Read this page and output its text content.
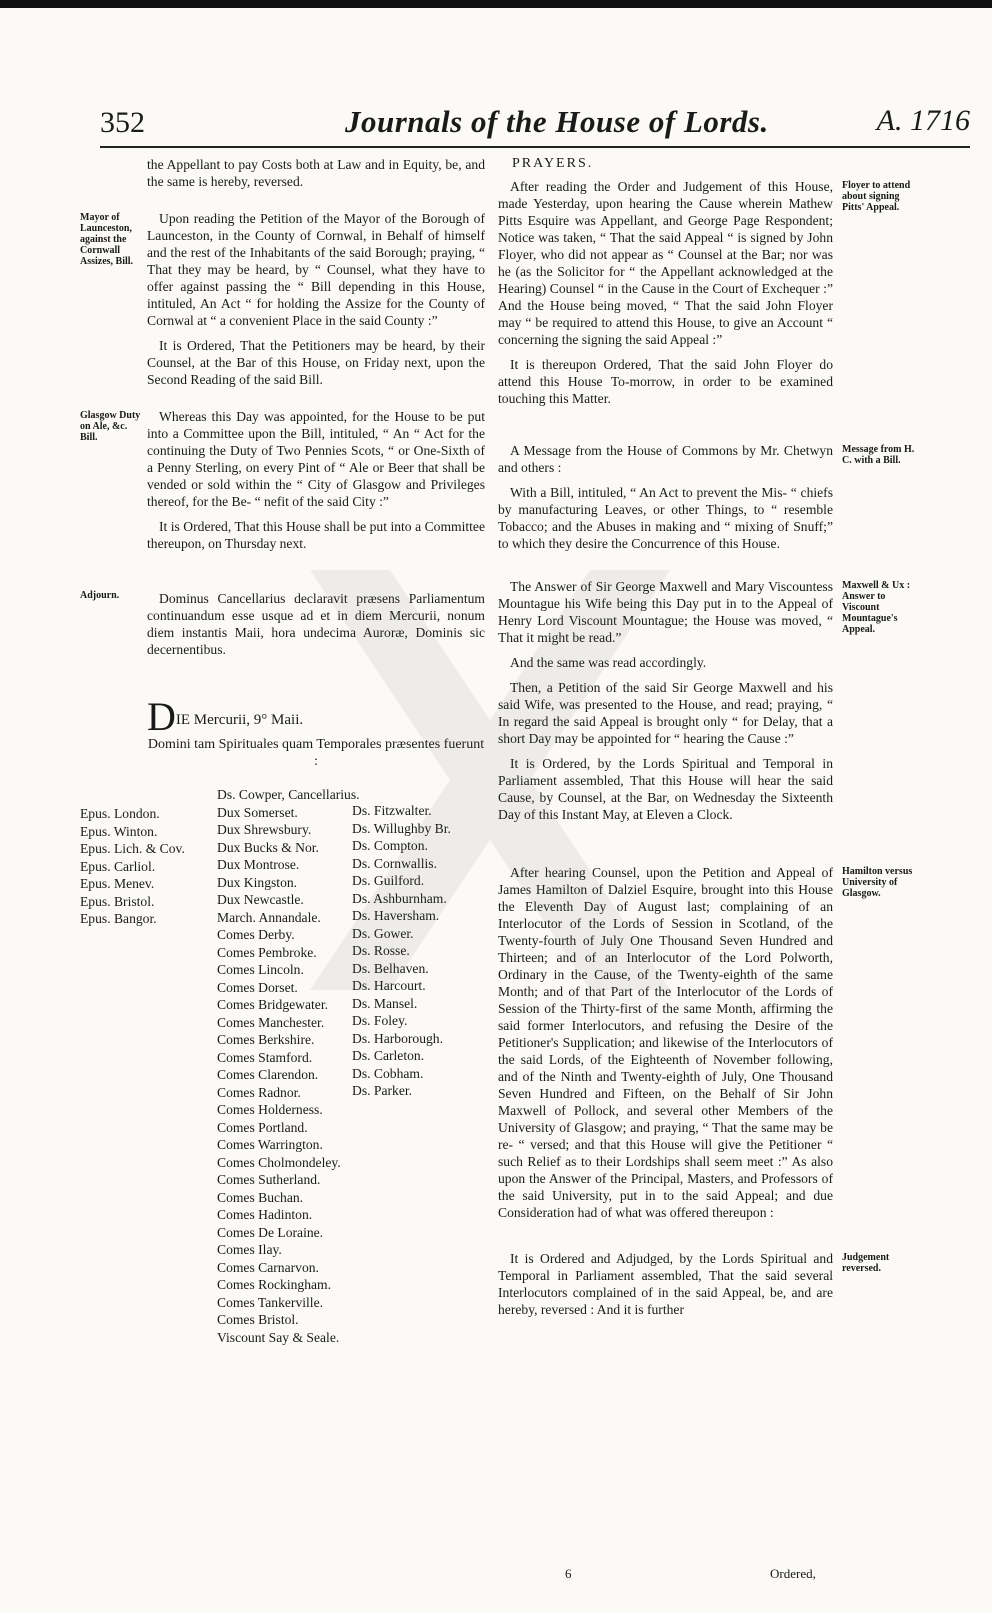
352	Journals of the House of Lords.	A. 1716

the Appellant to pay Costs both at Law and in Equity, be, and the same is hereby, reversed.

Mayor of Launceston, against the Cornwall Assizes, Bill.

Upon reading the Petition of the Mayor of the Borough of Launceston, in the County of Cornwal, in Behalf of himself and the rest of the Inhabitants of the said Borough; praying, “ That they may be heard, by “ Counsel, what they have to offer against passing the “ Bill depending in this House, intituled, An Act “ for holding the Assize for the County of Cornwal at “ a convenient Place in the said County :”

It is Ordered, That the Petitioners may be heard, by their Counsel, at the Bar of this House, on Friday next, upon the Second Reading of the said Bill.

Glasgow Duty on Ale, &c. Bill.

Whereas this Day was appointed, for the House to be put into a Committee upon the Bill, intituled, “ An “ Act for the continuing the Duty of Two Pennies Scots, “ or One-Sixth of a Penny Sterling, on every Pint of “ Ale or Beer that shall be vended or sold within the “ City of Glasgow and Privileges thereof, for the Be- “ nefit of the said City :”

It is Ordered, That this House shall be put into a Committee thereupon, on Thursday next.

Adjourn.	Dominus Cancellarius declaravit præsens Parliamentum continuandum esse usque ad et in diem Mercurii, nonum diem instantis Maii, hora undecima Auroræ, Dominis sic decernentibus.

DIE Mercurii, 9° Maii.
Domini tam Spirituales quam Temporales præsentes fuerunt :
Epus. London.
Epus. Winton.
Epus. Lich. & Cov.
Epus. Carliol.
Epus. Menev.
Epus. Bristol.
Epus. Bangor.
Ds. Cowper, Cancellarius.
Dux Somerset.
Dux Shrewsbury.
Dux Bucks & Nor.
Dux Montrose.
Dux Kingston.
Dux Newcastle.
March. Annandale.
Comes Derby.
Comes Pembroke.
Comes Lincoln.
Comes Dorset.
Comes Bridgewater.
Comes Manchester.
Comes Berkshire.
Comes Stamford.
Comes Clarendon.
Comes Radnor.
Comes Holderness.
Comes Portland.
Comes Warrington.
Comes Cholmondeley.
Comes Sutherland.
Comes Buchan.
Comes Hadinton.
Comes De Loraine.
Comes Ilay.
Comes Carnarvon.
Comes Rockingham.
Comes Tankerville.
Comes Bristol.
Viscount Say & Seale.
Ds. Fitzwalter.
Ds. Willughby Br.
Ds. Compton.
Ds. Cornwallis.
Ds. Guilford.
Ds. Ashburnham.
Ds. Haversham.
Ds. Gower.
Ds. Rosse.
Ds. Belhaven.
Ds. Harcourt.
Ds. Mansel.
Ds. Foley.
Ds. Harborough.
Ds. Carleton.
Ds. Cobham.
Ds. Parker.
PRAYERS.
Floyer to attend about signing Pitts' Appeal.

After reading the Order and Judgement of this House, made Yesterday, upon hearing the Cause wherein Mathew Pitts Esquire was Appellant, and George Page Respondent; Notice was taken, “ That the said Appeal “ is signed by John Floyer, who did not appear as “ Counsel at the Bar; nor was he (as the Solicitor for “ the Appellant acknowledged at the Hearing) Counsel “ in the Cause in the Court of Exchequer :” And the House being moved, “ That the said John Floyer may “ be required to attend this House, to give an Account “ concerning the signing the said Appeal :”

It is thereupon Ordered, That the said John Floyer do attend this House To-morrow, in order to be examined touching this Matter.

Message from H. C. with a Bill.

A Message from the House of Commons by Mr. Chetwyn and others :

With a Bill, intituled, “ An Act to prevent the Mis- “ chiefs by manufacturing Leaves, or other Things, to “ resemble Tobacco; and the Abuses in making and “ mixing of Snuff;” to which they desire the Concurrence of this House.

Maxwell & Ux : Answer to Viscount Mountague's Appeal.

The Answer of Sir George Maxwell and Mary Viscountess Mountague his Wife being this Day put in to the Appeal of Henry Lord Viscount Mountague; the House was moved, “ That it might be read.”

And the same was read accordingly.

Then, a Petition of the said Sir George Maxwell and his said Wife, was presented to the House, and read; praying, “ In regard the said Appeal is brought only “ for Delay, that a short Day may be appointed for “ hearing the Cause :”

It is Ordered, by the Lords Spiritual and Temporal in Parliament assembled, That this House will hear the said Cause, by Counsel, at the Bar, on Wednesday the Sixteenth Day of this Instant May, at Eleven a Clock.

Hamilton versus University of Glasgow.

After hearing Counsel, upon the Petition and Appeal of James Hamilton of Dalziel Esquire, brought into this House the Eleventh Day of August last; complaining of an Interlocutor of the Lords of Session in Scotland, of the Twenty-fourth of July One Thousand Seven Hundred and Thirteen; and of an Interlocutor of the Lord Polworth, Ordinary in the Cause, of the Twenty-eighth of the same Month; and of that Part of the Interlocutor of the Lords of Session of the Thirty-first of the same Month, affirming the said former Interlocutors, and refusing the Desire of the Petitioner's Supplication; and likewise of the Interlocutors of the said Lords, of the Eighteenth of November following, and of the Ninth and Twenty-eighth of July, One Thousand Seven Hundred and Fifteen, on the Behalf of Sir John Maxwell of Pollock, and several other Members of the University of Glasgow; and praying, “ That the same may be re- “ versed; and that this House will give the Petitioner “ such Relief as to their Lordships shall seem meet :” As also upon the Answer of the Principal, Masters, and Professors of the said University, put in to the said Appeal; and due Consideration had of what was offered thereupon :

Judgement reversed.

It is Ordered and Adjudged, by the Lords Spiritual and Temporal in Parliament assembled, That the said several Interlocutors complained of in the said Appeal, be, and are hereby, reversed : And it is further

6	Ordered,
